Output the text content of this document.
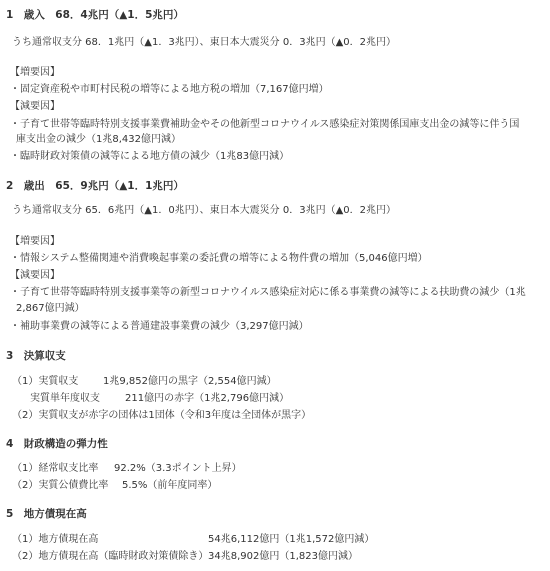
1　歳入　68．4兆円（▲1．5兆円）
うち通常収支分 68．1兆円（▲1．3兆円）、東日本大震災分 0．3兆円（▲0．2兆円）
【増要因】
・固定資産税や市町村民税の増等による地方税の増加（7,167億円増）
【減要因】
・子育て世帯等臨時特別支援事業費補助金やその他新型コロナウイルス感染症対策関係国庫支出金の減等に伴う国
庫支出金の減少（1兆8,432億円減）
・臨時財政対策債の減等による地方債の減少（1兆83億円減）
2　歳出　65．9兆円（▲1．1兆円）
うち通常収支分 65．6兆円（▲1．0兆円）、東日本大震災分 0．3兆円（▲0．2兆円）
【増要因】
・情報システム整備関連や消費喚起事業の委託費の増等による物件費の増加（5,046億円増）
【減要因】
・子育て世帯等臨時特別支援事業等の新型コロナウイルス感染症対応に係る事業費の減等による扶助費の減少（1兆
2,867億円減）
・補助事業費の減等による普通建設事業費の減少（3,297億円減）
3　決算収支
（1）実質収支 1兆9,852億円の黒字（2,554億円減）
実質単年度収支	211億円の赤字（1兆2,796億円減）
（2）実質収支が赤字の団体は1団体（令和3年度は全団体が黒字）
4　財政構造の弾力性
（1）経常収支比率 92.2%（3.3ポイント上昇）
（2）実質公債費比率 5.5%（前年度同率）
5　地方債現在高
（1）地方債現在高	54兆6,112億円（1兆1,572億円減）
（2）地方債現在高（臨時財政対策債除き）34兆8,902億円（1,823億円減）
